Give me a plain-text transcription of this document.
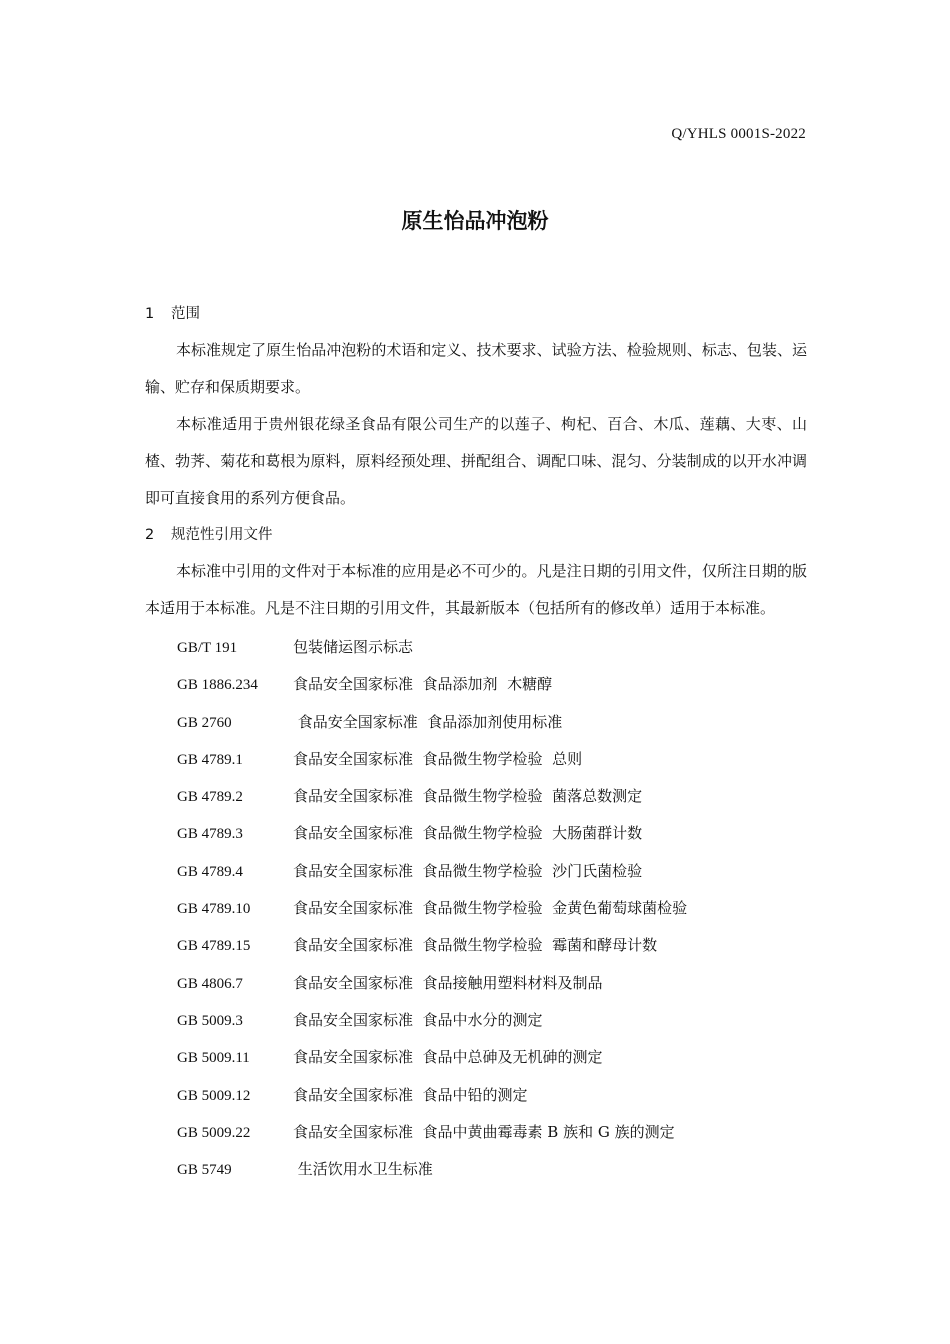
Q/YHLS 0001S-2022
原生怡品冲泡粉
1 范围

本标准规定了原生怡品冲泡粉的术语和定义、技术要求、试验方法、检验规则、标志、包装、运输、贮存和保质期要求。

本标准适用于贵州银花绿圣食品有限公司生产的以莲子、枸杞、百合、木瓜、莲藕、大枣、山楂、勃荠、菊花和葛根为原料，原料经预处理、拼配组合、调配口味、混匀、分装制成的以开水冲调即可直接食用的系列方便食品。

2 规范性引用文件

本标准中引用的文件对于本标准的应用是必不可少的。凡是注日期的引用文件，仅所注日期的版本适用于本标准。凡是不注日期的引用文件，其最新版本（包括所有的修改单）适用于本标准。

GB/T 191	包装储运图示标志
GB 1886.234 食品安全国家标准  食品添加剂  木糖醇
GB 2760	食品安全国家标准  食品添加剂使用标准
GB 4789.1	食品安全国家标准  食品微生物学检验  总则
GB 4789.2	食品安全国家标准  食品微生物学检验  菌落总数测定
GB 4789.3	食品安全国家标准  食品微生物学检验  大肠菌群计数
GB 4789.4	食品安全国家标准  食品微生物学检验  沙门氏菌检验
GB 4789.10	食品安全国家标准  食品微生物学检验  金黄色葡萄球菌检验
GB 4789.15	食品安全国家标准  食品微生物学检验  霉菌和酵母计数
GB 4806.7	食品安全国家标准  食品接触用塑料材料及制品
GB 5009.3	食品安全国家标准  食品中水分的测定
GB 5009.11	食品安全国家标准  食品中总砷及无机砷的测定
GB 5009.12	食品安全国家标准  食品中铅的测定
GB 5009.22	食品安全国家标准  食品中黄曲霉毒素 B 族和 G 族的测定
GB 5749	生活饮用水卫生标准
